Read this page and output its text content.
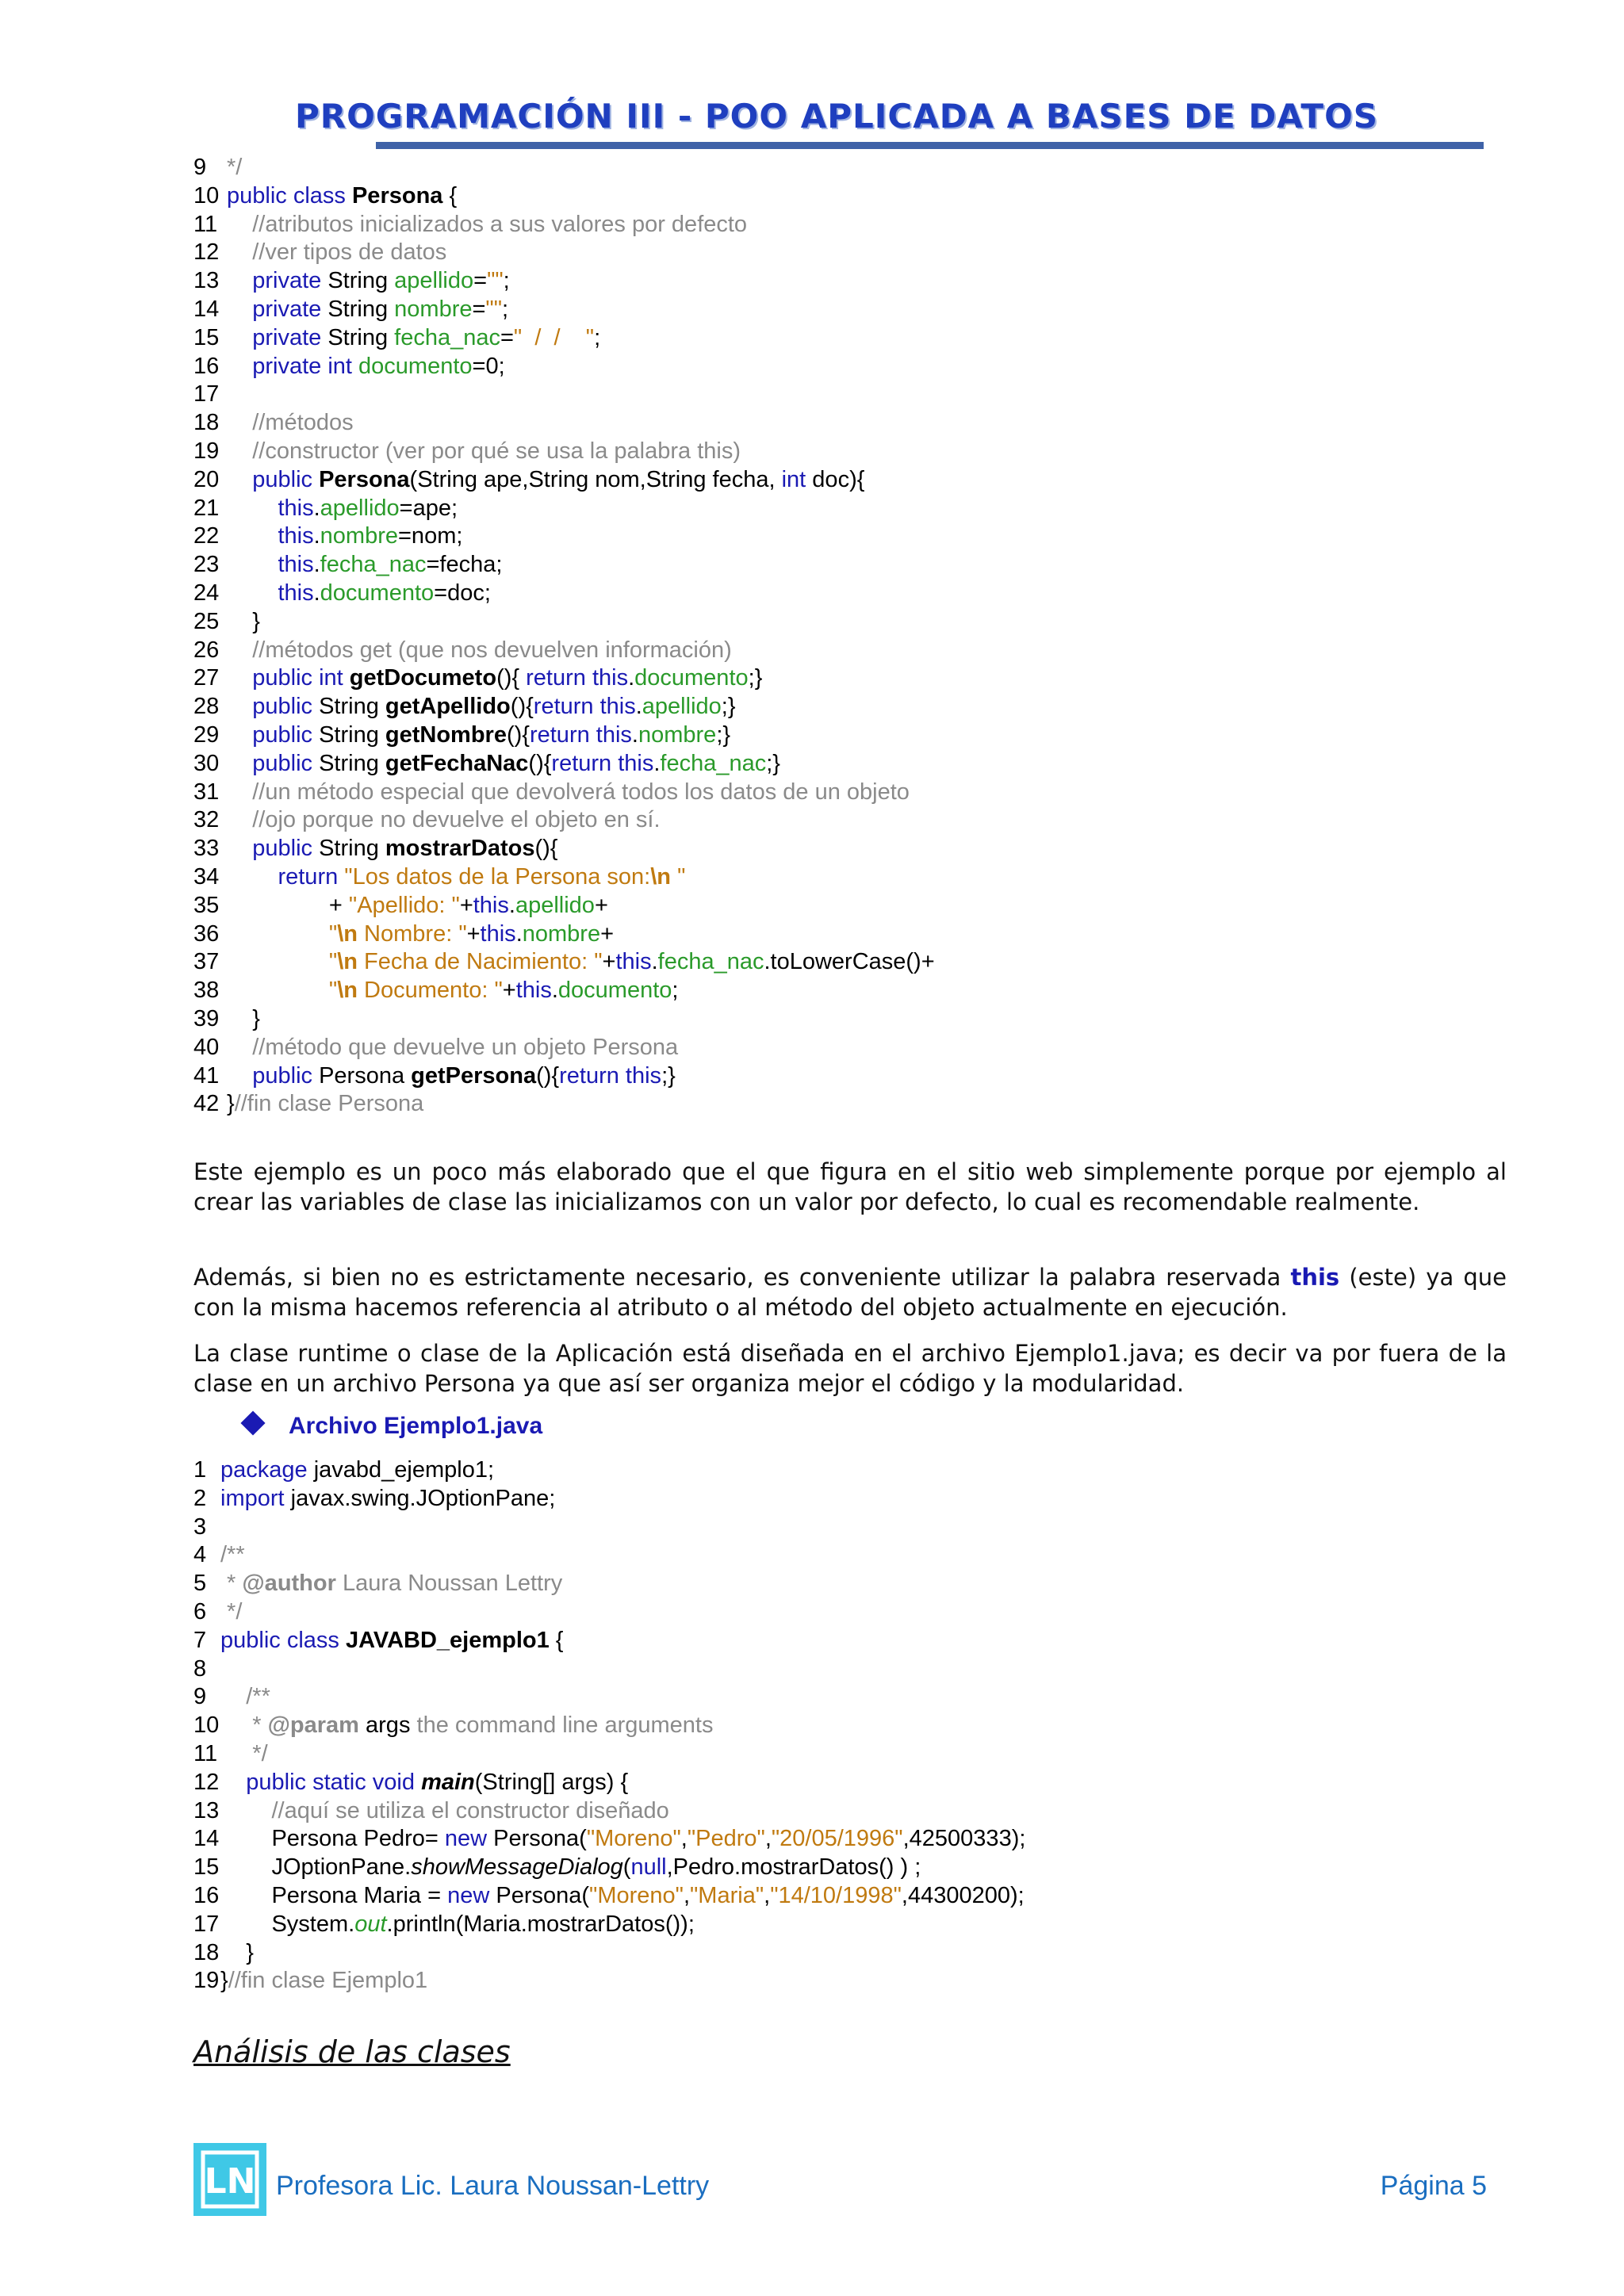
PROGRAMACIÓN III - POO APLICADA A BASES DE DATOS
9 */
10 public class Persona {
11 //atributos inicializados a sus valores por defecto
12 //ver tipos de datos
13 private String apellido="";
14 private String nombre="";
15 private String fecha_nac="  /  /    ";
16 private int documento=0;
17
18 //métodos
19 //constructor (ver por qué se usa la palabra this)
20 public Persona(String ape,String nom,String fecha, int doc){
21	this.apellido=ape;
22	this.nombre=nom;
23	this.fecha_nac=fecha;
24	this.documento=doc;
25    }
26 //métodos get (que nos devuelven información)
27 public int getDocumeto(){ return this.documento;}
28 public String getApellido(){return this.apellido;}
29 public String getNombre(){return this.nombre;}
30 public String getFechaNac(){return this.fecha_nac;}
31 //un método especial que devolverá todos los datos de un objeto
32 //ojo porque no devuelve el objeto en sí.
33 public String mostrarDatos(){
34	return "Los datos de la Persona son:\n "
35                + "Apellido: "+this.apellido+
36	"\n Nombre: "+this.nombre+
37	"\n Fecha de Nacimiento: "+this.fecha_nac.toLowerCase()+
38	"\n Documento: "+this.documento;
39    }
40 //método que devuelve un objeto Persona
41 public Persona getPersona(){return this;}
42 }//fin clase Persona

Este ejemplo es un poco más elaborado que el que figura en el sitio web simplemente porque por ejemplo al crear las variables de clase las inicializamos con un valor por defecto, lo cual es recomendable realmente.

Además, si bien no es estrictamente necesario, es conveniente utilizar la palabra reservada this (este) ya que con la misma hacemos referencia al atributo o al método del objeto actualmente en ejecución.

La clase runtime o clase de la Aplicación está diseñada en el archivo Ejemplo1.java; es decir va por fuera de la clase en un archivo Persona ya que así ser organiza mejor el código y la modularidad.

Archivo Ejemplo1.java
1 package javabd_ejemplo1;
2 import javax.swing.JOptionPane;
3
4 /**
5 * @author Laura Noussan Lettry
6 */
7 public class JAVABD_ejemplo1 {
8
9 /**
10     * @param args the command line arguments
11     */
12 public static void main(String[] args) {
13 //aquí se utiliza el constructor diseñado
14        Persona Pedro= new Persona("Moreno","Pedro","20/05/1996",42500333);
15        JOptionPane.showMessageDialog(null,Pedro.mostrarDatos() ) ;
16        Persona Maria = new Persona("Moreno","Maria","14/10/1998",44300200);
17        System.out.println(Maria.mostrarDatos());
18    }
19}//fin clase Ejemplo1
Análisis de las clases
LN Profesora Lic. Laura Noussan-Lettry	Página 5
